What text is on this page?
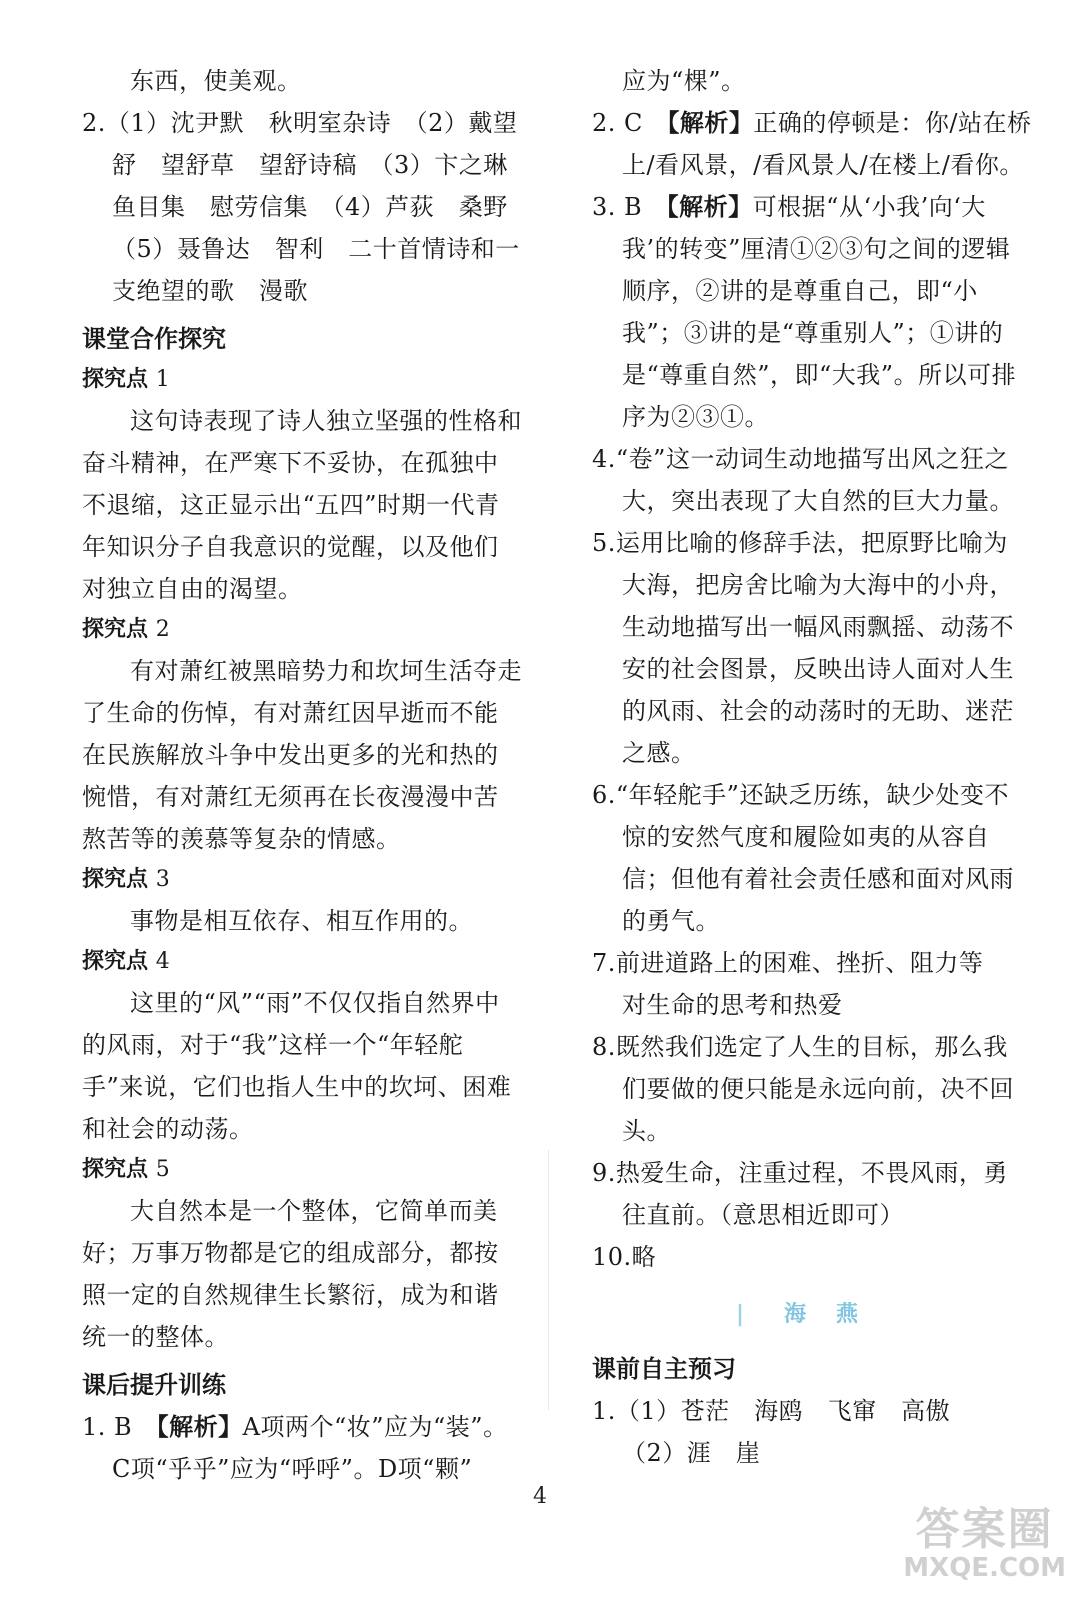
东西，使美观。

2.（1）沈尹默　秋明室杂诗　（2）戴望

舒　望舒草　望舒诗稿　（3）卞之琳

鱼目集　慰劳信集　（4）芦荻　桑野

（5）聂鲁达　智利　二十首情诗和一

支绝望的歌　漫歌

课堂合作探究
探究点 1

这句诗表现了诗人独立坚强的性格和奋斗精神，在严寒下不妥协，在孤独中不退缩，这正显示出“五四”时期一代青年知识分子自我意识的觉醒，以及他们对独立自由的渴望。

探究点 2

有对萧红被黑暗势力和坎坷生活夺走了生命的伤悼，有对萧红因早逝而不能在民族解放斗争中发出更多的光和热的惋惜，有对萧红无须再在长夜漫漫中苦熬苦等的羡慕等复杂的情感。

探究点 3

事物是相互依存、相互作用的。

探究点 4

这里的“风”“雨”不仅仅指自然界中的风雨，对于“我”这样一个“年轻舵手”来说，它们也指人生中的坎坷、困难和社会的动荡。

探究点 5

大自然本是一个整体，它简单而美好；万事万物都是它的组成部分，都按照一定的自然规律生长繁衍，成为和谐统一的整体。

课后提升训练

1. B　 【解析】A项两个“妆”应为“装”。C项“乎乎”应为“呼呼”。D项“颗”

应为“棵”。

2. C　 【解析】正确的停顿是：你/站在桥上/看风景，/看风景人/在楼上/看你。

3. B　 【解析】可根据“从‘小我’向‘大我’的转变”厘清①②③句之间的逻辑顺序，②讲的是尊重自己，即“小我”；③讲的是“尊重别人”；①讲的是“尊重自然”，即“大我”。所以可排序为②③①。

4.“卷”这一动词生动地描写出风之狂之大，突出表现了大自然的巨大力量。

5.运用比喻的修辞手法，把原野比喻为大海，把房舍比喻为大海中的小舟，生动地描写出一幅风雨飘摇、动荡不安的社会图景，反映出诗人面对人生的风雨、社会的动荡时的无助、迷茫之感。

6.“年轻舵手”还缺乏历练，缺少处变不惊的安然气度和履险如夷的从容自信；但他有着社会责任感和面对风雨的勇气。

7.前进道路上的困难、挫折、阻力等

对生命的思考和热爱

8.既然我们选定了人生的目标，那么我们要做的便只能是永远向前，决不回头。

9.热爱生命，注重过程，不畏风雨，勇往直前。（意思相近即可）

10.略

| 海燕
课前自主预习

1.（1）苍茫　海鸥　飞窜　高傲

（2）涯　崖

4
答案圈
MXQE.COM
